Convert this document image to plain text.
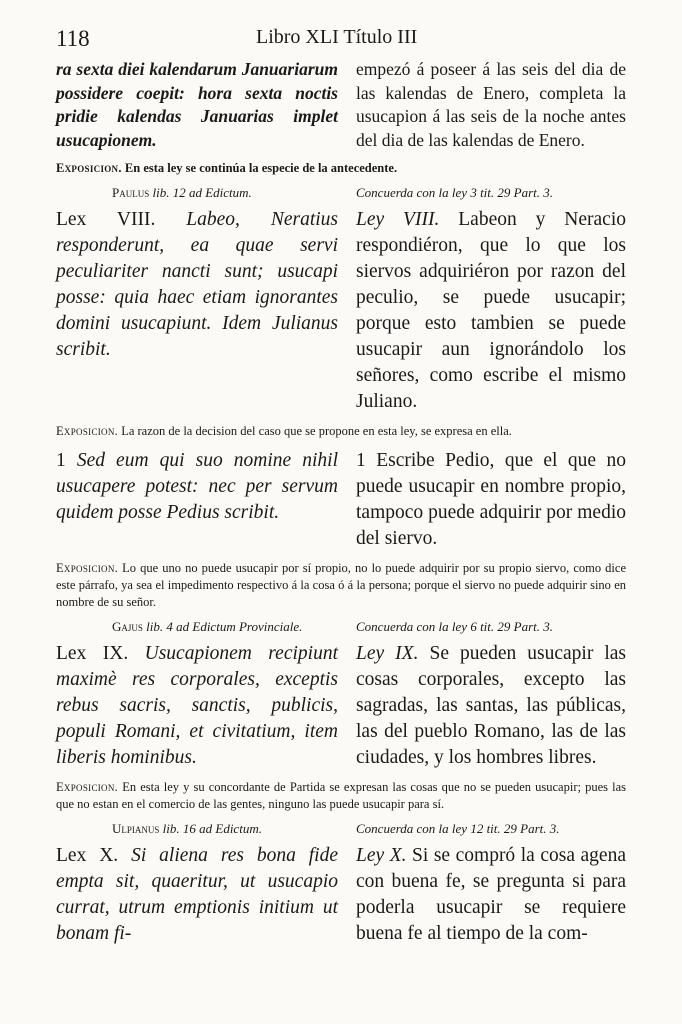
118	Libro XLI Título III
ra sexta diei kalendarum Januariarum possidere coepit: hora sexta noctis pridie kalendas Januarias implet usucapionem.
empezó á poseer á las seis del dia de las kalendas de Enero, completa la usucapion á las seis de la noche antes del dia de las kalendas de Enero.
Exposicion. En esta ley se continúa la especie de la antecedente.
Paulus lib. 12 ad Edictum.	Concuerda con la ley 3 tit. 29 Part. 3.
Lex VIII. Labeo, Neratius responderunt, ea quae servi peculiariter nancti sunt; usucapi posse: quia haec etiam ignorantes domini usucapiunt. Idem Julianus scribit.
Ley VIII. Labeon y Neracio respondiéron, que lo que los siervos adquiriéron por razon del peculio, se puede usucapir; porque esto tambien se puede usucapir aun ignorándolo los señores, como escribe el mismo Juliano.
Exposicion. La razon de la decision del caso que se propone en esta ley, se expresa en ella.
1 Sed eum qui suo nomine nihil usucapere potest: nec per servum quidem posse Pedius scribit.
1 Escribe Pedio, que el que no puede usucapir en nombre propio, tampoco puede adquirir por medio del siervo.
Exposicion. Lo que uno no puede usucapir por sí propio, no lo puede adquirir por su propio siervo, como dice este párrafo, ya sea el impedimento respectivo á la cosa ó á la persona; porque el siervo no puede adquirir sino en nombre de su señor.
Gajus lib. 4 ad Edictum Provinciale.	Concuerda con la ley 6 tit. 29 Part. 3.
Lex IX. Usucapionem recipiunt maximè res corporales, exceptis rebus sacris, sanctis, publicis, populi Romani, et civitatium, item liberis hominibus.
Ley IX. Se pueden usucapir las cosas corporales, excepto las sagradas, las santas, las públicas, las del pueblo Romano, las de las ciudades, y los hombres libres.
Exposicion. En esta ley y su concordante de Partida se expresan las cosas que no se pueden usucapir; pues las que no estan en el comercio de las gentes, ninguno las puede usucapir para sí.
Ulpianus lib. 16 ad Edictum.	Concuerda con la ley 12 tit. 29 Part. 3.
Lex X. Si aliena res bona fide empta sit, quaeritur, ut usucapio currat, utrum emptionis initium ut bonam fi-
Ley X. Si se compró la cosa agena con buena fe, se pregunta si para poderla usucapir se requiere buena fe al tiempo de la com-
